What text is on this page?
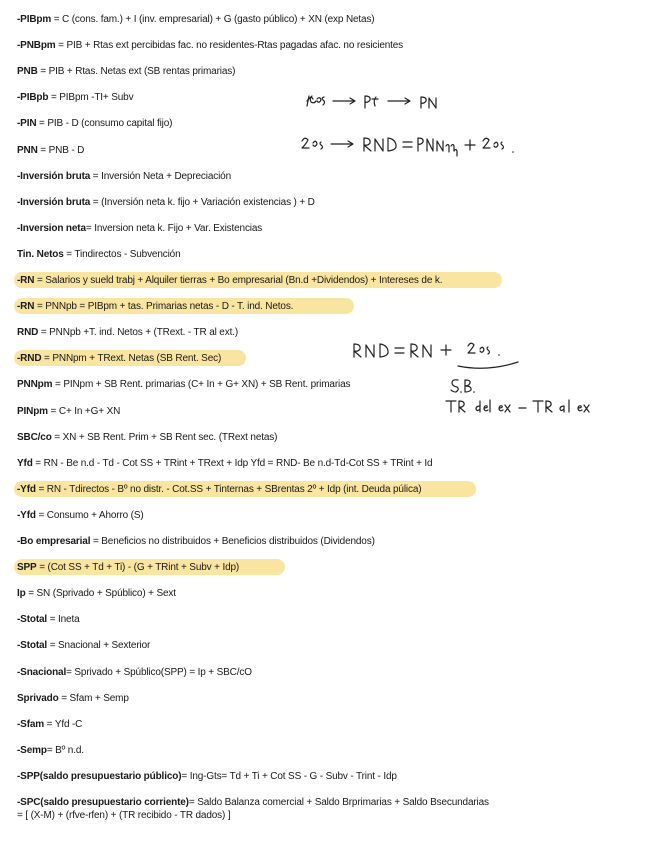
-PIBpm = C (cons. fam.) + I (inv. empresarial) + G (gasto público) + XN (exp Netas)
-PNBpm = PIB + Rtas ext percibidas fac. no residentes-Rtas pagadas afac. no resicientes
PNB = PIB + Rtas. Netas ext (SB rentas primarias)
-PIBpb = PIBpm -TI+ Subv
-PIN = PIB - D (consumo capital fijo)
PNN = PNB - D
-Inversión bruta = Inversión Neta + Depreciación
-Inversión bruta = (Inversión neta k. fijo + Variación existencias ) + D
-Inversion neta= Inversion neta k. Fijo + Var. Existencias
Tin. Netos = Tindirectos - Subvención
-RN = Salarios y sueld trabj + Alquiler tierras + Bo empresarial (Bn.d +Dividendos) + Intereses de k.
-RN = PNNpb = PIBpm + tas. Primarias netas - D - T. ind. Netos.
RND = PNNpb +T. ind. Netos + (TRext. - TR al ext.)
-RND = PNNpm + TRext. Netas (SB Rent. Sec)
PNNpm = PINpm + SB Rent. primarias (C+ In + G+ XN) + SB Rent. primarias
PINpm = C+ In +G+ XN
SBC/co = XN + SB Rent. Prim + SB Rent sec. (TRext netas)
Yfd = RN - Be n.d - Td - Cot SS + TRint + TRext + Idp Yfd = RND- Be n.d-Td-Cot SS + TRint + Id
-Yfd = RN - Tdirectos - Bº no distr. - Cot.SS + Tinternas + SBrentas 2º + Idp (int. Deuda púlica)
-Yfd = Consumo + Ahorro (S)
-Bo empresarial = Beneficios no distribuidos + Beneficios distribuidos (Dividendos)
SPP = (Cot SS + Td + Ti) - (G + TRint + Subv + Idp)
Ip = SN (Sprivado + Spúblico) + Sext
-Stotal = Ineta
-Stotal = Snacional + Sexterior
-Snacional= Sprivado + Spúblico(SPP) = Ip + SBC/cO
Sprivado = Sfam + Semp
-Sfam = Yfd -C
-Semp= Bº n.d.
-SPP(saldo presupuestario público)= Ing-Gts= Td + Ti + Cot SS - G - Subv - Trint - Idp
-SPC(saldo presupuestario corriente)= Saldo Balanza comercial + Saldo Brprimarias + Saldo Bsecundarias
= [ (X-M) + (rfve-rfen) + (TR recibido - TR dados) ]
